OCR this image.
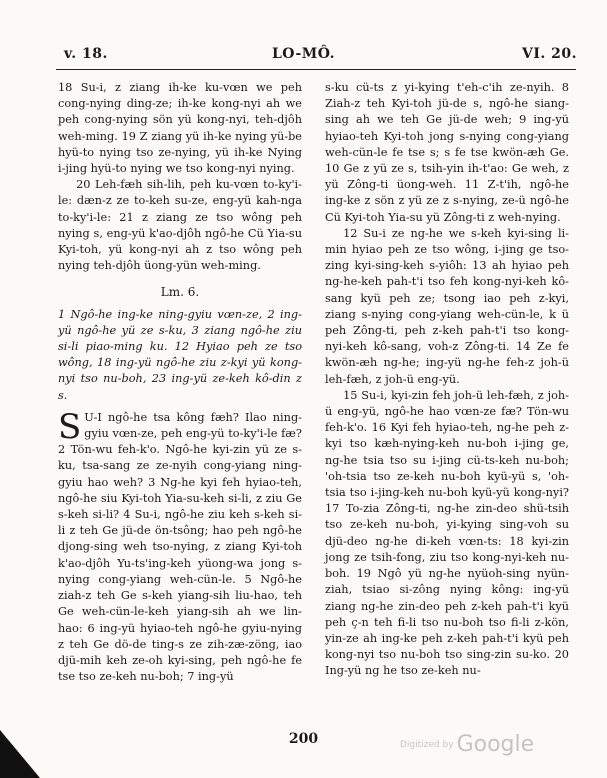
LO-MÔ.
v. 18.	VI. 20.

18 Su-i, z ziang ih-ke ku-vœn we peh cong-nying ding-ze; ih-ke kong-nyi ah we peh cong-nying sön yü kong-nyi, teh-djôh weh-ming. 19 Z ziang yü ih-ke nying yü-be hyü-to nying tso ze-nying, yü ih-ke Nying i-jing hyü-to nying we tso kong-nyi nying.

20 Leh-fæh sih-lih, peh ku-vœn to-ky'i-le: dæn-z ze to-keh su-ze, eng-yü kah-nga to-ky'i-le: 21 z ziang ze tso wông peh nying s, eng-yü k'ao-djôh ngô-he Cü Yia-su Kyi-toh, yü kong-nyi ah z tso wông peh nying teh-djôh üong-yün weh-ming.

Lm. 6.

1 Ngô-he ing-ke ning-gyiu vœn-ze, 2 ing-yü ngô-he yü ze s-ku, 3 ziang ngô-he ziu si-li piao-ming ku. 12 Hyiao peh ze tso wông, 18 ing-yü ngô-he ziu z-kyi yü kong-nyi tso nu-boh, 23 ing-yü ze-keh kô-din z s.

S U-I ngô-he tsa kông fæh? Ilao ning-gyiu vœn-ze, peh eng-yü to-ky'i-le fæ? 2 Tön-wu feh-k'o. Ngô-he kyi-zin yü ze s-ku, tsa-sang ze ze-nyih cong-yiang ning-gyiu hao weh? 3 Ng-he kyi feh hyiao-teh, ngô-he siu Kyi-toh Yia-su-keh si-li, z ziu Ge s-keh si-li? 4 Su-i, ngô-he ziu keh s-keh si-li z teh Ge jü-de ön-tsông; hao peh ngô-he djong-sing weh tso-nying, z ziang Kyi-toh k'ao-djôh Yu-ts'ing-keh yüong-wa jong s-nying cong-yiang weh-cün-le. 5 Ngô-he ziah-z teh Ge s-keh yiang-sih liu-hao, teh Ge weh-cün-le-keh yiang-sih ah we lin-hao: 6 ing-yü hyiao-teh ngô-he gyiu-nying z teh Ge dö-de ting-s ze zih-zæ-zöng, iao djü-mih keh ze-oh kyi-sing, peh ngô-he fe tse tso ze-keh nu-boh; 7 ing-yü

s-ku cü-ts z yi-kying t'eh-c'ih ze-nyih. 8 Ziah-z teh Kyi-toh jü-de s, ngô-he siang-sing ah we teh Ge jü-de weh; 9 ing-yü hyiao-teh Kyi-toh jong s-nying cong-yiang weh-cün-le fe tse s; s fe tse kwön-æh Ge. 10 Ge z yü ze s, tsih-yin ih-t'ao: Ge weh, z yü Zông-ti üong-weh. 11 Z-t'ih, ngô-he ing-ke z sön z yü ze z s-nying, ze-ü ngô-he Cü Kyi-toh Yia-su yü Zông-ti z weh-nying.

12 Su-i ze ng-he we s-keh kyi-sing li-min hyiao peh ze tso wông, i-jing ge tso-zing kyi-sing-keh s-yiôh: 13 ah hyiao peh ng-he-keh pah-t'i tso feh kong-nyi-keh kô-sang kyü peh ze; tsong iao peh z-kyi, ziang s-nying cong-yiang weh-cün-le, k ü peh Zông-ti, peh z-keh pah-t'i tso kong-nyi-keh kô-sang, voh-z Zông-ti. 14 Ze fe kwön-æh ng-he; ing-yü ng-he feh-z joh-ü leh-fæh, z joh-ü eng-yü.

15 Su-i, kyi-zin feh joh-ü leh-fæh, z joh-ü eng-yü, ngô-he hao vœn-ze fæ? Tön-wu feh-k'o. 16 Kyi feh hyiao-teh, ng-he peh z-kyi tso kæh-nying-keh nu-boh i-jing ge, ng-he tsia tso su i-jing cü-ts-keh nu-boh; 'oh-tsia tso ze-keh nu-boh kyü-yü s, 'oh-tsia tso i-jing-keh nu-boh kyü-yü kong-nyi? 17 To-zia Zông-ti, ng-he zin-deo shü-tsih tso ze-keh nu-boh, yi-kying sing-voh su djü-deo ng-he di-keh vœn-ts: 18 kyi-zin jong ze tsih-fong, ziu tso kong-nyi-keh nu-boh. 19 Ngô yü ng-he nyüoh-sing nyün-ziah, tsiao si-zông nying kông: ing-yü ziang ng-he zin-deo peh z-keh pah-t'i kyü peh ç-n teh fi-li tso nu-boh tso fi-li z-kön, yin-ze ah ing-ke peh z-keh pah-t'i kyü peh kong-nyi tso nu-boh tso sing-zin su-ko. 20 Ing-yü ng he tso ze-keh nu-

200	Digitized by Google
